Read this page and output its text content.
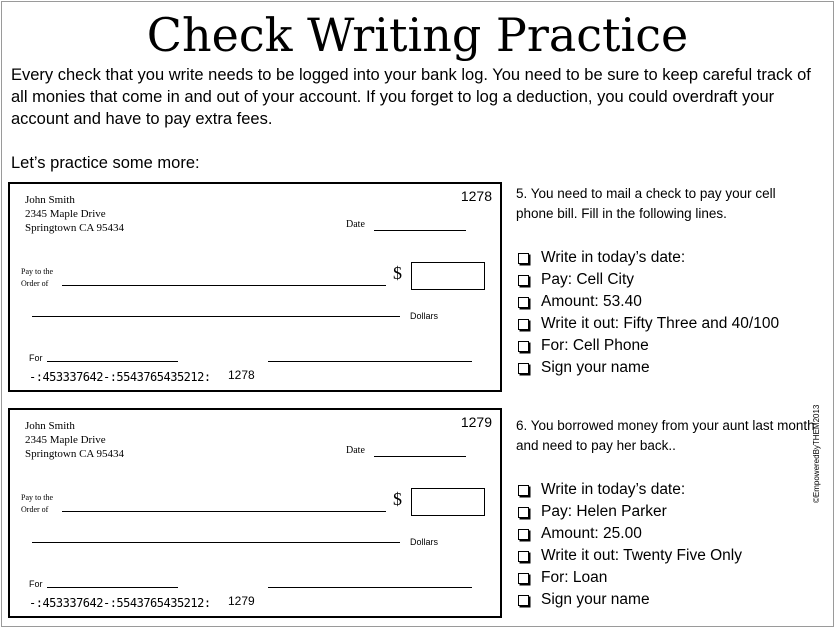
Check Writing Practice
Every check that you write needs to be logged into your bank log. You need to be sure to keep careful track of all monies that come in and out of your account. If you forget to log a deduction, you could overdraft your account and have to pay extra fees.
Let’s practice some more:
John Smith
2345 Maple Drive
Springtown CA 95434
1278
Date
Pay to the
Order of
$
Dollars
For
-:453337642-:5543765435212: 1278
John Smith
2345 Maple Drive
Springtown CA 95434
1279
Date
Pay to the
Order of
$
Dollars
For
-:453337642-:5543765435212: 1279
5. You need to mail a check to pay your cell phone bill. Fill in the following lines.
Write in today’s date:
Pay: Cell City
Amount: 53.40
Write it out: Fifty Three and 40/100
For: Cell Phone
Sign your name
6. You borrowed money from your aunt last month and need to pay her back..
Write in today’s date:
Pay: Helen Parker
Amount: 25.00
Write it out: Twenty Five Only
For: Loan
Sign your name
©EmpoweredByTHEM2013
